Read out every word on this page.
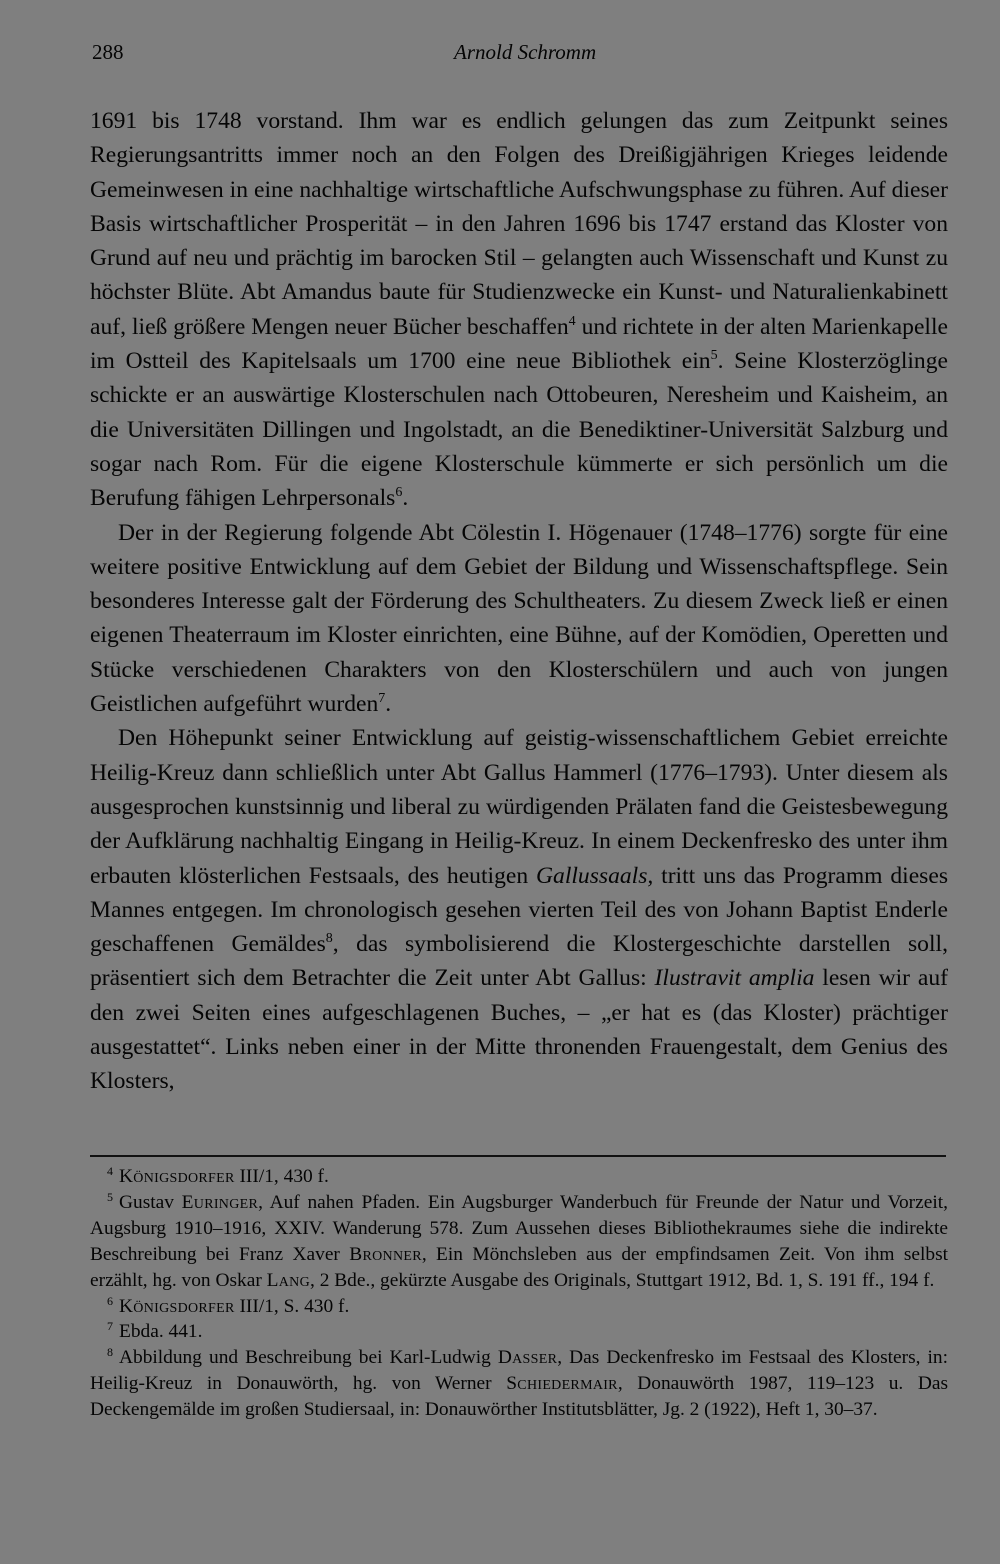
288	Arnold Schromm

1691 bis 1748 vorstand. Ihm war es endlich gelungen das zum Zeitpunkt seines Regierungsantritts immer noch an den Folgen des Dreißigjährigen Krieges leidende Gemeinwesen in eine nachhaltige wirtschaftliche Aufschwungsphase zu führen. Auf dieser Basis wirtschaftlicher Prosperität – in den Jahren 1696 bis 1747 erstand das Kloster von Grund auf neu und prächtig im barocken Stil – gelangten auch Wissenschaft und Kunst zu höchster Blüte. Abt Amandus baute für Studienzwecke ein Kunst- und Naturalienkabinett auf, ließ größere Mengen neuer Bücher beschaffen$^4$ und richtete in der alten Marienkapelle im Ostteil des Kapitelsaals um 1700 eine neue Bibliothek ein$^5$. Seine Klosterzöglinge schickte er an auswärtige Klosterschulen nach Ottobeuren, Neresheim und Kaisheim, an die Universitäten Dillingen und Ingolstadt, an die Benediktiner-Universität Salzburg und sogar nach Rom. Für die eigene Klosterschule kümmerte er sich persönlich um die Berufung fähigen Lehrpersonals$^6$.

Der in der Regierung folgende Abt Cölestin I. Högenauer (1748–1776) sorgte für eine weitere positive Entwicklung auf dem Gebiet der Bildung und Wissenschaftspflege. Sein besonderes Interesse galt der Förderung des Schultheaters. Zu diesem Zweck ließ er einen eigenen Theaterraum im Kloster einrichten, eine Bühne, auf der Komödien, Operetten und Stücke verschiedenen Charakters von den Klosterschülern und auch von jungen Geistlichen aufgeführt wurden$^7$.

Den Höhepunkt seiner Entwicklung auf geistig-wissenschaftlichem Gebiet erreichte Heilig-Kreuz dann schließlich unter Abt Gallus Hammerl (1776–1793). Unter diesem als ausgesprochen kunstsinnig und liberal zu würdigenden Prälaten fand die Geistesbewegung der Aufklärung nachhaltig Eingang in Heilig-Kreuz. In einem Deckenfresko des unter ihm erbauten klösterlichen Festsaals, des heutigen Gallussaals, tritt uns das Programm dieses Mannes entgegen. Im chronologisch gesehen vierten Teil des von Johann Baptist Enderle geschaffenen Gemäldes$^8$, das symbolisierend die Klostergeschichte darstellen soll, präsentiert sich dem Betrachter die Zeit unter Abt Gallus: Ilustravit amplia lesen wir auf den zwei Seiten eines aufgeschlagenen Buches, – „er hat es (das Kloster) prächtiger ausgestattet“. Links neben einer in der Mitte thronenden Frauengestalt, dem Genius des Klosters,

$^4$ Königsdorfer III/1, 430 f.

$^5$ Gustav Euringer, Auf nahen Pfaden. Ein Augsburger Wanderbuch für Freunde der Natur und Vorzeit, Augsburg 1910–1916, XXIV. Wanderung 578. Zum Aussehen dieses Bibliothekraumes siehe die indirekte Beschreibung bei Franz Xaver Bronner, Ein Mönchsleben aus der empfindsamen Zeit. Von ihm selbst erzählt, hg. von Oskar Lang, 2 Bde., gekürzte Ausgabe des Originals, Stuttgart 1912, Bd. 1, S. 191 ff., 194 f.

$^6$ Königsdorfer III/1, S. 430 f.

$^7$ Ebda. 441.

$^8$ Abbildung und Beschreibung bei Karl-Ludwig Dasser, Das Deckenfresko im Festsaal des Klosters, in: Heilig-Kreuz in Donauwörth, hg. von Werner Schiedermair, Donauwörth 1987, 119–123 u. Das Deckengemälde im großen Studiersaal, in: Donauwörther Institutsblätter, Jg. 2 (1922), Heft 1, 30–37.
